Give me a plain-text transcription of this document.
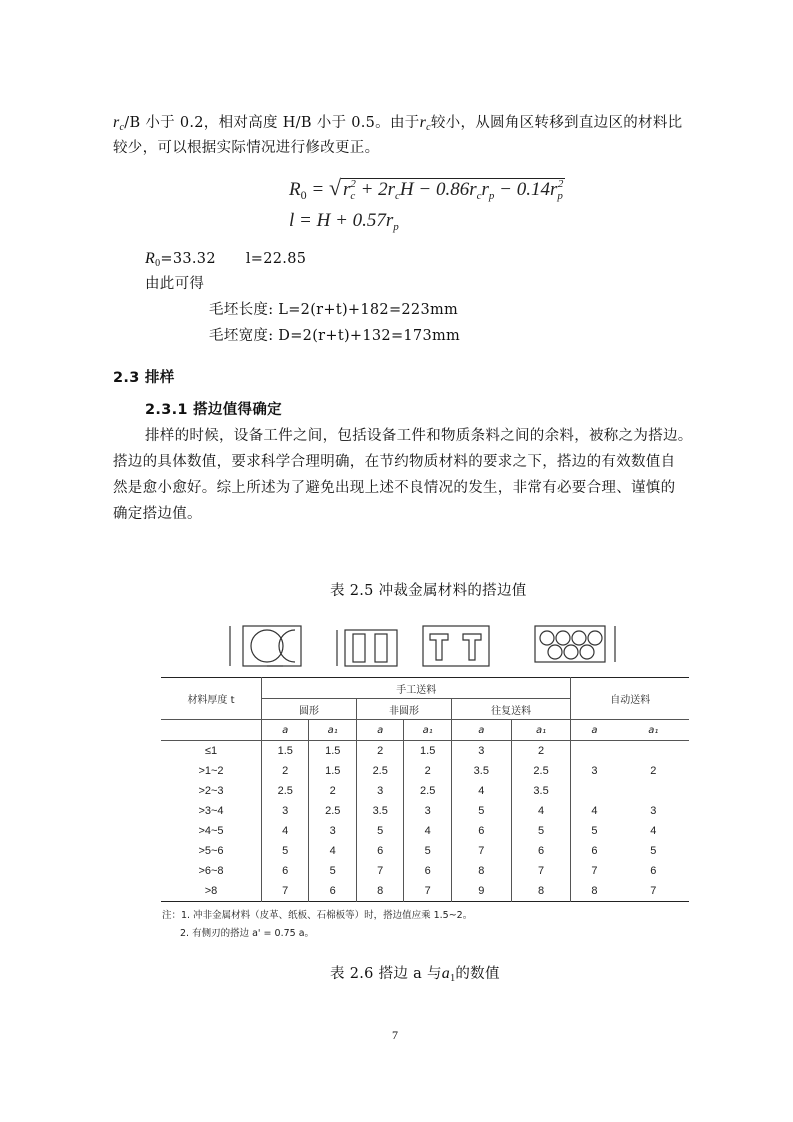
$r_c/B$ 小于 0.2，相对高度 H/B 小于 0.5。由于$r_c$较小，从圆角区转移到直边区的材料比
较少，可以根据实际情况进行修改更正。
$R_0$ = √ $r_c^2 + 2r_cH - 0.86r_cr_p - 0.14r_p^2$
$l = H + 0.57r_p$
$R_0=33.32$ l=22.85
由此可得
毛坯长度: L=2(r+t)+182=223mm
毛坯宽度: D=2(r+t)+132=173mm
2.3 排样
2.3.1 搭边值得确定
排样的时候，设备工件之间，包括设备工件和物质条料之间的余料，被称之为搭边。
搭边的具体数值，要求科学合理明确，在节约物质材料的要求之下，搭边的有效数值自
然是愈小愈好。综上所述为了避免出现上述不良情况的发生，非常有必要合理、谨慎的
确定搭边值。
表 2.5 冲裁金属材料的搭边值
材料厚度 t	手工送料						自动送料	
	圆形		非圆形		往复送料			
	a	a₁	a	a₁	a	a₁	a	a₁
≤1	1.5	1.5	2	1.5	3	2		
>1~2	2	1.5	2.5	2	3.5	2.5	3	2
>2~3	2.5	2	3	2.5	4	3.5		
>3~4	3	2.5	3.5	3	5	4	4	3
>4~5	4	3	5	4	6	5	5	4
>5~6	5	4	6	5	7	6	6	5
>6~8	6	5	7	6	8	7	7	6
>8	7	6	8	7	9	8	8	7
注：1. 冲非金属材料（皮革、纸板、石棉板等）时，搭边值应乘 1.5~2。
2. 有侧刃的搭边 a' = 0.75 a。
表 2.6 搭边 a 与$a_1$的数值
7
